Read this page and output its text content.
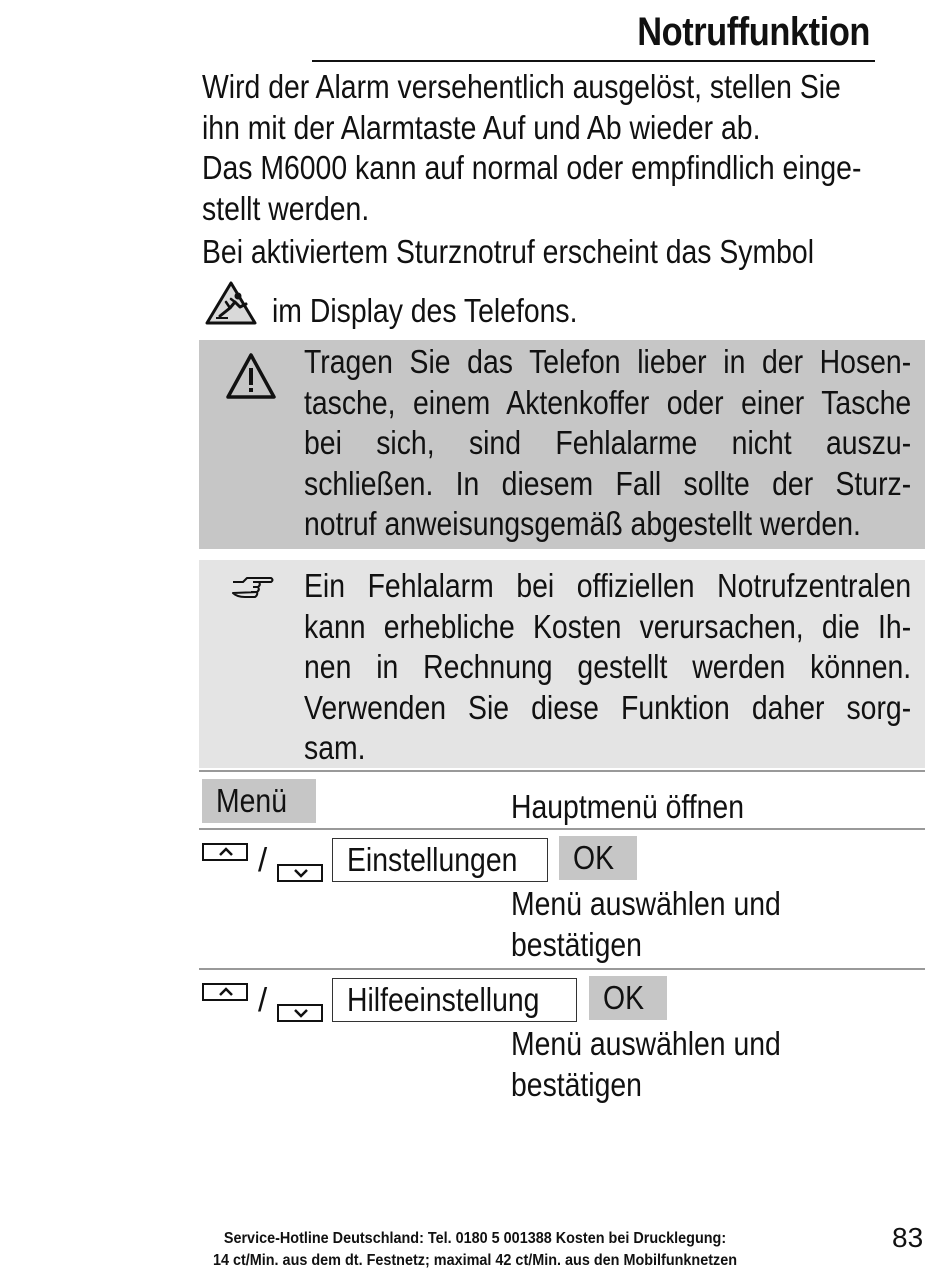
Notruffunktion
Wird der Alarm versehentlich ausgelöst, stellen Sie
ihn mit der Alarmtaste Auf und Ab wieder ab.
Das M6000 kann auf normal oder empfindlich einge-
stellt werden.
Bei aktiviertem Sturznotruf erscheint das Symbol
im Display des Telefons.
Tragen Sie das Telefon lieber in der Hosen-
tasche, einem Aktenkoffer oder einer Tasche
bei sich, sind Fehlalarme nicht auszu-
schließen. In diesem Fall sollte der Sturz-
notruf anweisungsgemäß abgestellt werden.
Ein Fehlalarm bei offiziellen Notrufzentralen
kann erhebliche Kosten verursachen, die Ih-
nen in Rechnung gestellt werden können.
Verwenden Sie diese Funktion daher sorg-
sam.
Menü	Hauptmenü öffnen
/	Einstellungen	OK
Menü auswählen und
bestätigen
/	Hilfeeinstellung	OK
Menü auswählen und
bestätigen
Service-Hotline Deutschland: Tel. 0180 5 001388 Kosten bei Drucklegung:
14 ct/Min. aus dem dt. Festnetz; maximal 42 ct/Min. aus den Mobilfunknetzen
83
